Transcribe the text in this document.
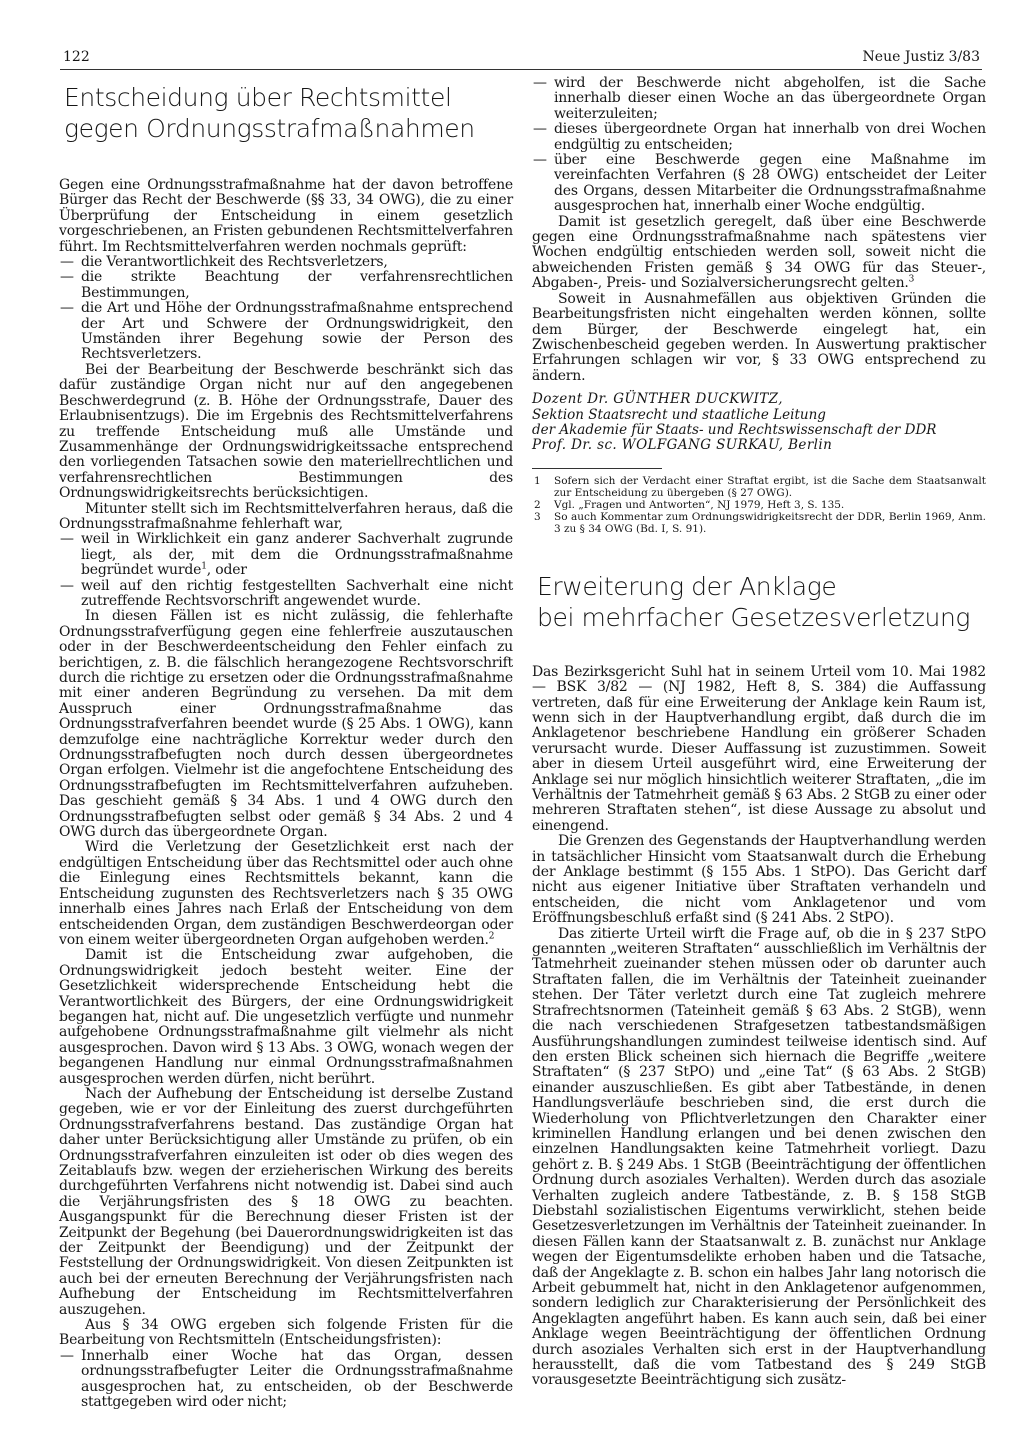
122	Neue Justiz 3/83
Entscheidung über Rechtsmittel
gegen Ordnungsstrafmaßnahmen

Gegen eine Ordnungsstrafmaßnahme hat der davon betroffene Bürger das Recht der Beschwerde (§§ 33, 34 OWG), die zu einer Überprüfung der Entscheidung in einem gesetzlich vorgeschriebenen, an Fristen gebundenen Rechtsmittelverfahren führt. Im Rechtsmittelverfahren werden nochmals geprüft:

— die Verantwortlichkeit des Rechtsverletzers,
— die strikte Beachtung der verfahrensrechtlichen Bestimmungen,
— die Art und Höhe der Ordnungsstrafmaßnahme entsprechend der Art und Schwere der Ordnungswidrigkeit, den Umständen ihrer Begehung sowie der Person des Rechtsverletzers.

Bei der Bearbeitung der Beschwerde beschränkt sich das dafür zuständige Organ nicht nur auf den angegebenen Beschwerdegrund (z. B. Höhe der Ordnungsstrafe, Dauer des Erlaubnisentzugs). Die im Ergebnis des Rechtsmittelverfahrens zu treffende Entscheidung muß alle Umstände und Zusammenhänge der Ordnungswidrigkeitssache entsprechend den vorliegenden Tatsachen sowie den materiellrechtlichen und verfahrensrechtlichen Bestimmungen des Ordnungswidrigkeitsrechts berücksichtigen.

Mitunter stellt sich im Rechtsmittelverfahren heraus, daß die Ordnungsstrafmaßnahme fehlerhaft war,

— weil in Wirklichkeit ein ganz anderer Sachverhalt zugrunde liegt, als der, mit dem die Ordnungsstrafmaßnahme begründet wurde$^1$, oder
— weil auf den richtig festgestellten Sachverhalt eine nicht zutreffende Rechtsvorschrift angewendet wurde.

In diesen Fällen ist es nicht zulässig, die fehlerhafte Ordnungsstrafverfügung gegen eine fehlerfreie auszutauschen oder in der Beschwerdeentscheidung den Fehler einfach zu berichtigen, z. B. die fälschlich herangezogene Rechtsvorschrift durch die richtige zu ersetzen oder die Ordnungsstrafmaßnahme mit einer anderen Begründung zu versehen. Da mit dem Ausspruch einer Ordnungsstrafmaßnahme das Ordnungsstrafverfahren beendet wurde (§ 25 Abs. 1 OWG), kann demzufolge eine nachträgliche Korrektur weder durch den Ordnungsstrafbefugten noch durch dessen übergeordnetes Organ erfolgen. Vielmehr ist die angefochtene Entscheidung des Ordnungsstrafbefugten im Rechtsmittelverfahren aufzuheben. Das geschieht gemäß § 34 Abs. 1 und 4 OWG durch den Ordnungsstrafbefugten selbst oder gemäß § 34 Abs. 2 und 4 OWG durch das übergeordnete Organ.

Wird die Verletzung der Gesetzlichkeit erst nach der endgültigen Entscheidung über das Rechtsmittel oder auch ohne die Einlegung eines Rechtsmittels bekannt, kann die Entscheidung zugunsten des Rechtsverletzers nach § 35 OWG innerhalb eines Jahres nach Erlaß der Entscheidung von dem entscheidenden Organ, dem zuständigen Beschwerdeorgan oder von einem weiter übergeordneten Organ aufgehoben werden.$^2$

Damit ist die Entscheidung zwar aufgehoben, die Ordnungswidrigkeit jedoch besteht weiter. Eine der Gesetzlichkeit widersprechende Entscheidung hebt die Verantwortlichkeit des Bürgers, der eine Ordnungswidrigkeit begangen hat, nicht auf. Die ungesetzlich verfügte und nunmehr aufgehobene Ordnungsstrafmaßnahme gilt vielmehr als nicht ausgesprochen. Davon wird § 13 Abs. 3 OWG, wonach wegen der begangenen Handlung nur einmal Ordnungsstrafmaßnahmen ausgesprochen werden dürfen, nicht berührt.

Nach der Aufhebung der Entscheidung ist derselbe Zustand gegeben, wie er vor der Einleitung des zuerst durchgeführten Ordnungsstrafverfahrens bestand. Das zuständige Organ hat daher unter Berücksichtigung aller Umstände zu prüfen, ob ein Ordnungsstrafverfahren einzuleiten ist oder ob dies wegen des Zeitablaufs bzw. wegen der erzieherischen Wirkung des bereits durchgeführten Verfahrens nicht notwendig ist. Dabei sind auch die Verjährungsfristen des § 18 OWG zu beachten. Ausgangspunkt für die Berechnung dieser Fristen ist der Zeitpunkt der Begehung (bei Dauerordnungswidrigkeiten ist das der Zeitpunkt der Beendigung) und der Zeitpunkt der Feststellung der Ordnungswidrigkeit. Von diesen Zeitpunkten ist auch bei der erneuten Berechnung der Verjährungsfristen nach Aufhebung der Entscheidung im Rechtsmittelverfahren auszugehen.

Aus § 34 OWG ergeben sich folgende Fristen für die Bearbeitung von Rechtsmitteln (Entscheidungsfristen):

— Innerhalb einer Woche hat das Organ, dessen ordnungsstrafbefugter Leiter die Ordnungsstrafmaßnahme ausgesprochen hat, zu entscheiden, ob der Beschwerde stattgegeben wird oder nicht;
— wird der Beschwerde nicht abgeholfen, ist die Sache innerhalb dieser einen Woche an das übergeordnete Organ weiterzuleiten;
— dieses übergeordnete Organ hat innerhalb von drei Wochen endgültig zu entscheiden;
— über eine Beschwerde gegen eine Maßnahme im vereinfachten Verfahren (§ 28 OWG) entscheidet der Leiter des Organs, dessen Mitarbeiter die Ordnungsstrafmaßnahme ausgesprochen hat, innerhalb einer Woche endgültig.

Damit ist gesetzlich geregelt, daß über eine Beschwerde gegen eine Ordnungsstrafmaßnahme nach spätestens vier Wochen endgültig entschieden werden soll, soweit nicht die abweichenden Fristen gemäß § 34 OWG für das Steuer-, Abgaben-, Preis- und Sozialversicherungsrecht gelten.$^3$

Soweit in Ausnahmefällen aus objektiven Gründen die Bearbeitungsfristen nicht eingehalten werden können, sollte dem Bürger, der Beschwerde eingelegt hat, ein Zwischenbescheid gegeben werden. In Auswertung praktischer Erfahrungen schlagen wir vor, § 33 OWG entsprechend zu ändern.

Dozent Dr. GÜNTHER DUCKWITZ,
Sektion Staatsrecht und staatliche Leitung
der Akademie für Staats- und Rechtswissenschaft der DDR
Prof. Dr. sc. WOLFGANG SURKAU, Berlin
1 Sofern sich der Verdacht einer Straftat ergibt, ist die Sache dem Staatsanwalt zur Entscheidung zu übergeben (§ 27 OWG).
2 Vgl. „Fragen und Antworten“, NJ 1979, Heft 3, S. 135.
3 So auch Kommentar zum Ordnungswidrigkeitsrecht der DDR, Berlin 1969, Anm. 3 zu § 34 OWG (Bd. I, S. 91).
Erweiterung der Anklage
bei mehrfacher Gesetzesverletzung

Das Bezirksgericht Suhl hat in seinem Urteil vom 10. Mai 1982 — BSK 3/82 — (NJ 1982, Heft 8, S. 384) die Auffassung vertreten, daß für eine Erweiterung der Anklage kein Raum ist, wenn sich in der Hauptverhandlung ergibt, daß durch die im Anklagetenor beschriebene Handlung ein größerer Schaden verursacht wurde. Dieser Auffassung ist zuzustimmen. Soweit aber in diesem Urteil ausgeführt wird, eine Erweiterung der Anklage sei nur möglich hinsichtlich weiterer Straftaten, „die im Verhältnis der Tatmehrheit gemäß § 63 Abs. 2 StGB zu einer oder mehreren Straftaten stehen“, ist diese Aussage zu absolut und einengend.

Die Grenzen des Gegenstands der Hauptverhandlung werden in tatsächlicher Hinsicht vom Staatsanwalt durch die Erhebung der Anklage bestimmt (§ 155 Abs. 1 StPO). Das Gericht darf nicht aus eigener Initiative über Straftaten verhandeln und entscheiden, die nicht vom Anklagetenor und vom Eröffnungsbeschluß erfaßt sind (§ 241 Abs. 2 StPO).

Das zitierte Urteil wirft die Frage auf, ob die in § 237 StPO genannten „weiteren Straftaten“ ausschließlich im Verhältnis der Tatmehrheit zueinander stehen müssen oder ob darunter auch Straftaten fallen, die im Verhältnis der Tateinheit zueinander stehen. Der Täter verletzt durch eine Tat zugleich mehrere Strafrechtsnormen (Tateinheit gemäß § 63 Abs. 2 StGB), wenn die nach verschiedenen Strafgesetzen tatbestandsmäßigen Ausführungshandlungen zumindest teilweise identisch sind. Auf den ersten Blick scheinen sich hiernach die Begriffe „weitere Straftaten“ (§ 237 StPO) und „eine Tat“ (§ 63 Abs. 2 StGB) einander auszuschließen. Es gibt aber Tatbestände, in denen Handlungsverläufe beschrieben sind, die erst durch die Wiederholung von Pflichtverletzungen den Charakter einer kriminellen Handlung erlangen und bei denen zwischen den einzelnen Handlungsakten keine Tatmehrheit vorliegt. Dazu gehört z. B. § 249 Abs. 1 StGB (Beeinträchtigung der öffentlichen Ordnung durch asoziales Verhalten). Werden durch das asoziale Verhalten zugleich andere Tatbestände, z. B. § 158 StGB Diebstahl sozialistischen Eigentums verwirklicht, stehen beide Gesetzesverletzungen im Verhältnis der Tateinheit zueinander. In diesen Fällen kann der Staatsanwalt z. B. zunächst nur Anklage wegen der Eigentumsdelikte erhoben haben und die Tatsache, daß der Angeklagte z. B. schon ein halbes Jahr lang notorisch die Arbeit gebummelt hat, nicht in den Anklagetenor aufgenommen, sondern lediglich zur Charakterisierung der Persönlichkeit des Angeklagten angeführt haben. Es kann auch sein, daß bei einer Anklage wegen Beeinträchtigung der öffentlichen Ordnung durch asoziales Verhalten sich erst in der Hauptverhandlung herausstellt, daß die vom Tatbestand des § 249 StGB vorausgesetzte Beeinträchtigung sich zusätz-
